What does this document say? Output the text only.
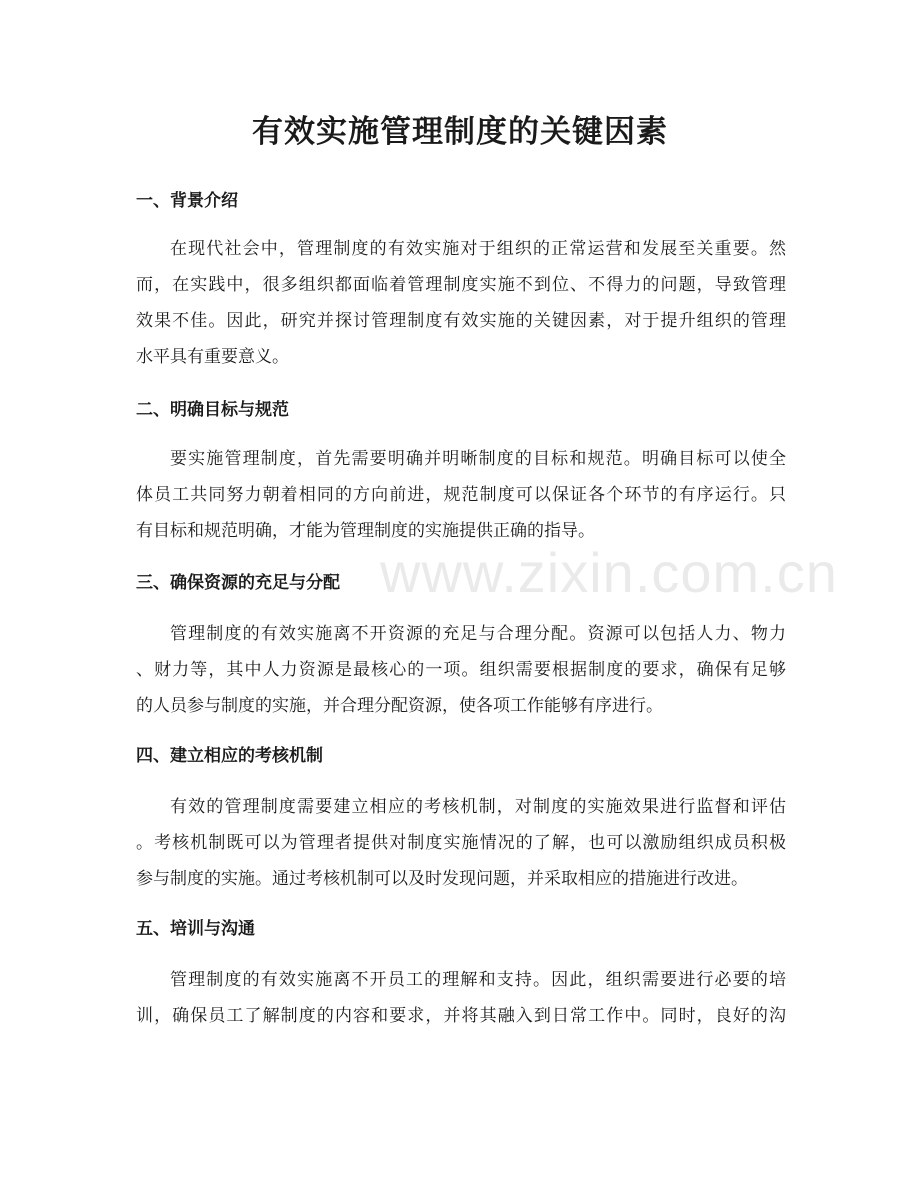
有效实施管理制度的关键因素
www.zixin.com.cn
一、背景介绍
在现代社会中，管理制度的有效实施对于组织的正常运营和发展至关重要。然
而，在实践中，很多组织都面临着管理制度实施不到位、不得力的问题，导致管理
效果不佳。因此，研究并探讨管理制度有效实施的关键因素，对于提升组织的管理
水平具有重要意义。
二、明确目标与规范
要实施管理制度，首先需要明确并明晰制度的目标和规范。明确目标可以使全
体员工共同努力朝着相同的方向前进，规范制度可以保证各个环节的有序运行。只
有目标和规范明确，才能为管理制度的实施提供正确的指导。
三、确保资源的充足与分配
管理制度的有效实施离不开资源的充足与合理分配。资源可以包括人力、物力
、财力等，其中人力资源是最核心的一项。组织需要根据制度的要求，确保有足够
的人员参与制度的实施，并合理分配资源，使各项工作能够有序进行。
四、建立相应的考核机制
有效的管理制度需要建立相应的考核机制，对制度的实施效果进行监督和评估
。考核机制既可以为管理者提供对制度实施情况的了解，也可以激励组织成员积极
参与制度的实施。通过考核机制可以及时发现问题，并采取相应的措施进行改进。
五、培训与沟通
管理制度的有效实施离不开员工的理解和支持。因此，组织需要进行必要的培
训，确保员工了解制度的内容和要求，并将其融入到日常工作中。同时，良好的沟
